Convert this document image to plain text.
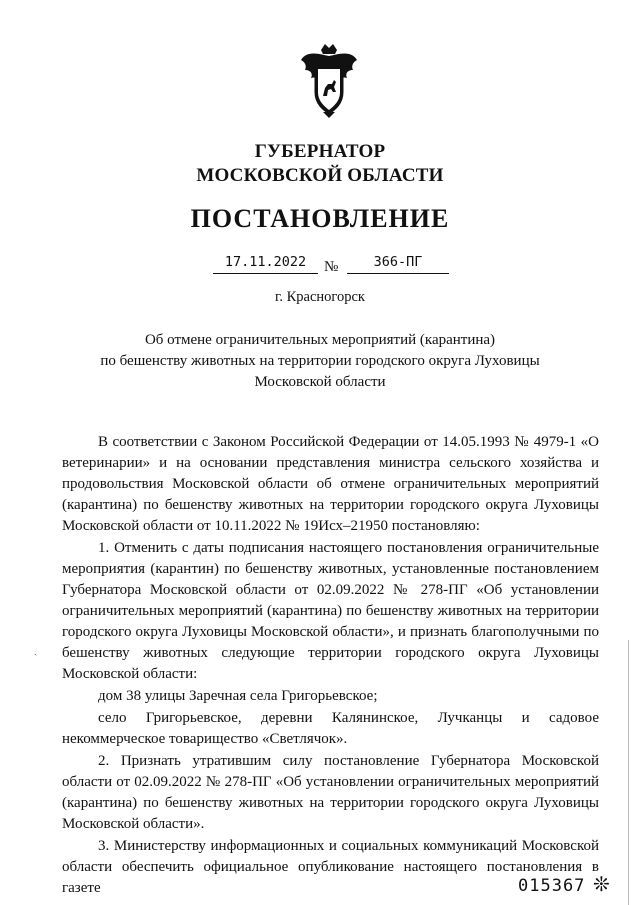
ГУБЕРНАТОР
МОСКОВСКОЙ ОБЛАСТИ
ПОСТАНОВЛЕНИЕ
17.11.2022	№	366-ПГ
г. Красногорск
Об отмене ограничительных мероприятий (карантина)
по бешенству животных на территории городского округа Луховицы
Московской области

В соответствии с Законом Российской Федерации от 14.05.1993 № 4979-1 «О ветеринарии» и на основании представления министра сельского хозяйства и продовольствия Московской области об отмене ограничительных мероприятий (карантина) по бешенству животных на территории городского округа Луховицы Московской области от 10.11.2022 № 19Исх–21950 постановляю:

1. Отменить с даты подписания настоящего постановления ограничительные мероприятия (карантин) по бешенству животных, установленные постановлением Губернатора Московской области от 02.09.2022 № 278-ПГ «Об установлении ограничительных мероприятий (карантина) по бешенству животных на территории городского округа Луховицы Московской области», и признать благополучными по бешенству животных следующие территории городского округа Луховицы Московской области:

дом 38 улицы Заречная села Григорьевское;

село Григорьевское, деревни Калянинское, Лучканцы и садовое некоммерческое товарищество «Светлячок».

2. Признать утратившим силу постановление Губернатора Московской области от 02.09.2022 № 278-ПГ «Об установлении ограничительных мероприятий (карантина) по бешенству животных на территории городского округа Луховицы Московской области».

3. Министерству информационных и социальных коммуникаций Московской области обеспечить официальное опубликование настоящего постановления в газете

ˎ
015367 ❊
